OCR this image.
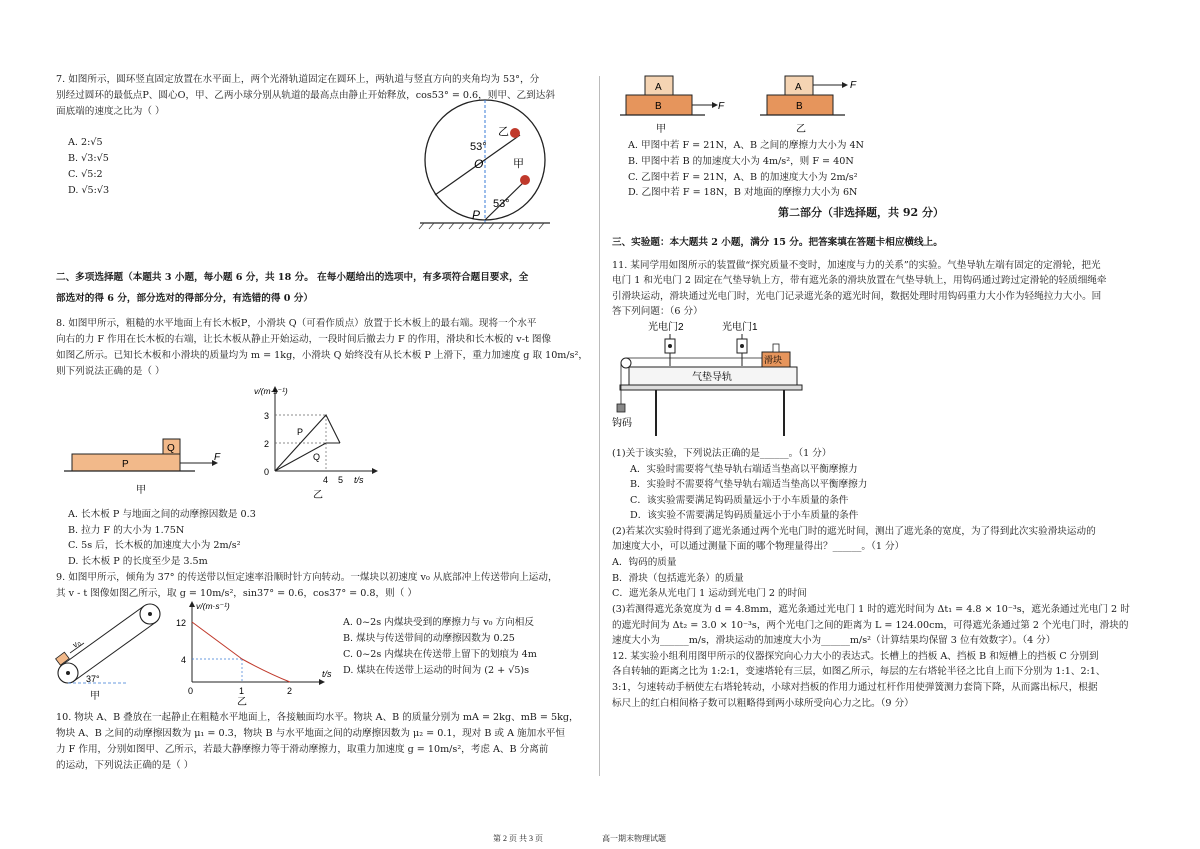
7. 如图所示，圆环竖直固定放置在水平面上，两个光滑轨道固定在圆环上，两轨道与竖直方向的夹角均为 53°，分
别经过圆环的最低点P、圆心O，甲、乙两小球分别从轨道的最高点由静止开始释放，cos53° = 0.6，则甲、乙到达斜
面底端的速度之比为（ ）
A. 2:√5
B. √3:√5
C. √5:2
D. √5:√3
53°
O
53°
P
甲
乙
二、多项选择题（本题共 3 小题，每小题 6 分，共 18 分。 在每小题给出的选项中，有多项符合题目要求，全
部选对的得 6 分，部分选对的得部分分，有选错的得 0 分）
8. 如图甲所示，粗糙的水平地面上有长木板P，小滑块 Q（可看作质点）放置于长木板上的最右端。现将一个水平
向右的力 F 作用在长木板的右端，让长木板从静止开始运动，一段时间后撤去力 F 的作用，滑块和长木板的 v-t 图像
如图乙所示。已知长木板和小滑块的质量均为 m = 1kg，小滑块 Q 始终没有从长木板 P 上滑下，重力加速度 g 取 10m/s²，
则下列说法正确的是（ ）
P
Q
F
甲
v/(m·s⁻¹)
3
2
0
4 5 t/s
P
Q
乙
A. 长木板 P 与地面之间的动摩擦因数是 0.3
B. 拉力 F 的大小为 1.75N
C. 5s 后，长木板的加速度大小为 2m/s²
D. 长木板 P 的长度至少是 3.5m
9. 如图甲所示，倾角为 37° 的传送带以恒定速率沿顺时针方向转动。一煤块以初速度 v₀ 从底部冲上传送带向上运动，
其 v - t 图像如图乙所示，取 g = 10m/s²，sin37° = 0.6，cos37° = 0.8，则（ ）
v₀
37°
甲
v/(m·s⁻¹)
12
4
0	1	2
t/s
乙
A. 0~2s 内煤块受到的摩擦力与 v₀ 方向相反
B. 煤块与传送带间的动摩擦因数为 0.25
C. 0~2s 内煤块在传送带上留下的划痕为 4m
D. 煤块在传送带上运动的时间为 (2 + √5)s
10. 物块 A、B 叠放在一起静止在粗糙水平地面上，各接触面均水平。物块 A、B 的质量分别为 mA = 2kg、mB = 5kg，
物块 A、B 之间的动摩擦因数为 μ₁ = 0.3，物块 B 与水平地面之间的动摩擦因数为 μ₂ = 0.1，现对 B 或 A 施加水平恒
力 F 作用，分别如图甲、乙所示，若最大静摩擦力等于滑动摩擦力，取重力加速度 g = 10m/s²，考虑 A、B 分离前
的运动，下列说法正确的是（ ）
A
B	F
甲
A
B
F
乙
A. 甲图中若 F = 21N，A、B 之间的摩擦力大小为 4N
B. 甲图中若 B 的加速度大小为 4m/s²，则 F = 40N
C. 乙图中若 F = 21N，A、B 的加速度大小为 2m/s²
D. 乙图中若 F = 18N，B 对地面的摩擦力大小为 6N
第二部分（非选择题，共 92 分）
三、实验题：本大题共 2 小题，满分 15 分。把答案填在答题卡相应横线上。
11. 某同学用如图所示的装置做“探究质量不变时，加速度与力的关系”的实验。气垫导轨左端有固定的定滑轮，把光
电门 1 和光电门 2 固定在气垫导轨上方，带有遮光条的滑块放置在气垫导轨上，用钩码通过跨过定滑轮的轻质细绳牵
引滑块运动，滑块通过光电门时，光电门记录遮光条的遮光时间，数据处理时用钩码重力大小作为轻绳拉力大小。回
答下列问题：（6 分）
光电门2	光电门1
滑块
气垫导轨
钩码
(1)关于该实验，下列说法正确的是______。（1 分）
A．实验时需要将气垫导轨右端适当垫高以平衡摩擦力
B．实验时不需要将气垫导轨右端适当垫高以平衡摩擦力
C．该实验需要满足钩码质量远小于小车质量的条件
D．该实验不需要满足钩码质量远小于小车质量的条件
(2)若某次实验时得到了遮光条通过两个光电门时的遮光时间，测出了遮光条的宽度，为了得到此次实验滑块运动的
加速度大小，可以通过测量下面的哪个物理量得出？______。（1 分）
A．钩码的质量
B．滑块（包括遮光条）的质量
C．遮光条从光电门 1 运动到光电门 2 的时间
(3)若测得遮光条宽度为 d = 4.8mm，遮光条通过光电门 1 时的遮光时间为 Δt₁ = 4.8 × 10⁻³s，遮光条通过光电门 2 时
的遮光时间为 Δt₂ = 3.0 × 10⁻³s，两个光电门之间的距离为 L = 124.00cm，可得遮光条通过第 2 个光电门时，滑块的
速度大小为______m/s，滑块运动的加速度大小为______m/s²（计算结果均保留 3 位有效数字）。（4 分）
12. 某实验小组利用图甲所示的仪器探究向心力大小的表达式。长槽上的挡板 A、挡板 B 和短槽上的挡板 C 分别到
各自转轴的距离之比为 1:2:1，变速塔轮有三层，如图乙所示，每层的左右塔轮半径之比自上而下分别为 1:1、2:1、
3:1，匀速转动手柄使左右塔轮转动，小球对挡板的作用力通过杠杆作用使弹簧测力套筒下降，从而露出标尺，根据
标尺上的红白相间格子数可以粗略得到两小球所受向心力之比。（9 分）
第 2 页 共 3 页	高一期末物理试题
